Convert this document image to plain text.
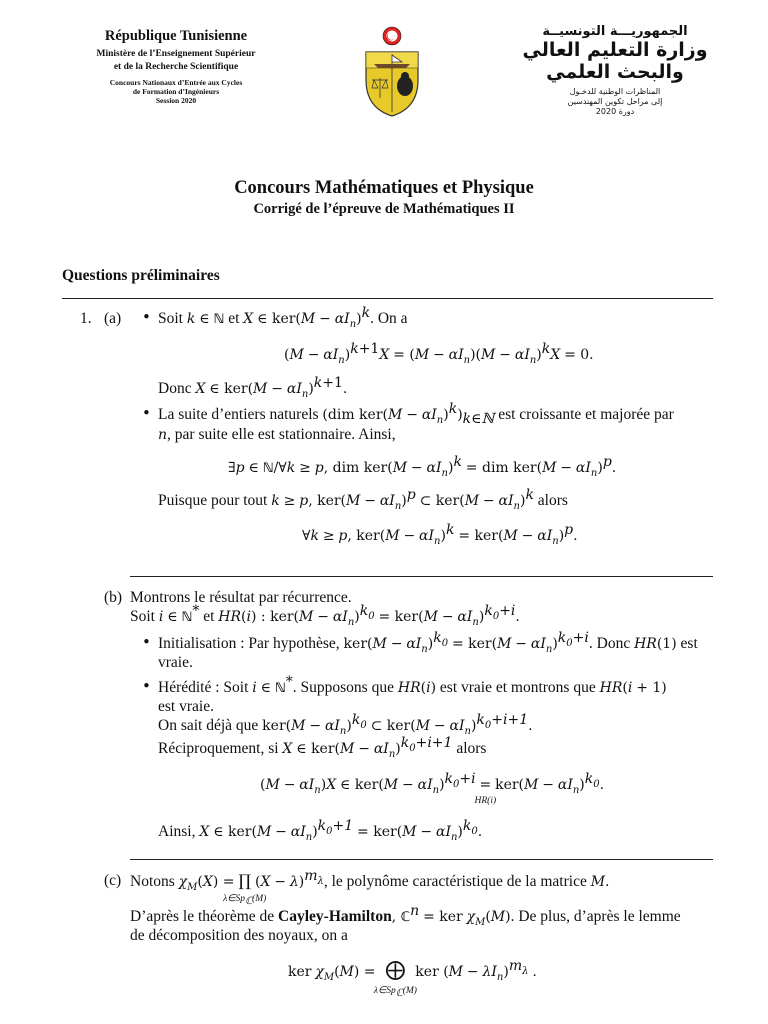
République Tunisienne
Ministère de l’Enseignement Supérieur
et de la Recherche Scientifique
Concours Nationaux d’Entrée aux Cycles
de Formation d’Ingénieurs
Session 2020
الجمهوريـــة التونسيــة
وزارة التعليم العالي
والبحث العلمي
المناظرات الوطنية للدخـول
إلى مراحل تكوين المهندسين
دورة 2020
Concours Mathématiques et Physique
Corrigé de l’épreuve de Mathématiques II
Questions préliminaires
1. (a) • Soit k ∈ ℕ et X ∈ $ker(M - \alpha I_n)^k$. On a
$(M - \alpha I_n)^{k+1}X = (M - \alpha I_n)(M - \alpha I_n)^kX = 0$.
Donc X ∈ $ker(M - \alpha I_n)^{k+1}$.
• La suite d’entiers naturels (dim $ker(M - \alpha I_n)^k)_{k\in ℕ}$ est croissante et majorée par
n, par suite elle est stationnaire. Ainsi,
∃p ∈ ℕ/∀k ≥ p, dim $ker(M - \alpha I_n)^k$ = dim $ker(M - \alpha I_n)^p$.
Puisque pour tout k ≥ p, $ker(M - \alpha I_n)^p$ ⊂ $ker(M - \alpha I_n)^k$ alors
∀k ≥ p, $ker(M - \alpha I_n)^k = ker(M - \alpha I_n)^p$.
(b) Montrons le résultat par récurrence.
Soit i ∈ ℕ* et HR(i) : $ker(M - \alpha I_n)^{k_0} = ker(M - \alpha I_n)^{k_0+i}$.
• Initialisation : Par hypothèse, $ker(M - \alpha I_n)^{k_0} = ker(M - \alpha I_n)^{k_0+i}$. Donc HR(1) est
vraie.
• Hérédité : Soit i ∈ ℕ*. Supposons que HR(i) est vraie et montrons que HR(i + 1)
est vraie.
On sait déjà que $ker(M - \alpha I_n)^{k_0}$ ⊂ $ker(M - \alpha I_n)^{k_0+i+1}$.
Réciproquement, si X ∈ $ker(M - \alpha I_n)^{k_0+i+1}$ alors
$(M - \alpha I_n)X$ ∈ $ker(M - \alpha I_n)^{k_0+i}$ =
HR(i)
$ker(M - \alpha I_n)^{k_0}$.
Ainsi, X ∈ $ker(M - \alpha I_n)^{k_0+1} = ker(M - \alpha I_n)^{k_0}$.
(c) Notons $\chi_M(X)$ = ∏
$\lambda\in Sp_ℂ(M)$
$(X - \lambda)^{m_\lambda}$, le polynôme caractéristique de la matrice M.
D’après le théorème de Cayley-Hamilton, ℂ$^n$ = ker $\chi_M(M)$. De plus, d’après le lemme
de décomposition des noyaux, on a
ker $\chi_M(M)$ = ⨁
$\lambda\in Sp_ℂ(M)$
ker $(M - \lambda I_n)^{m_\lambda}$ .
